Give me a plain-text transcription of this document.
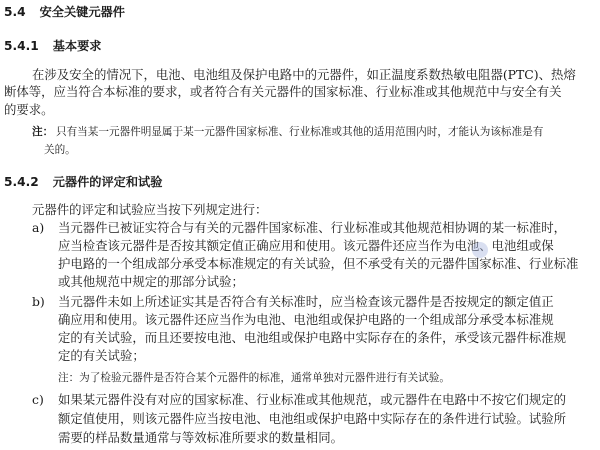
5.4 安全关键元器件
5.4.1 基本要求
在涉及安全的情况下，电池、电池组及保护电路中的元器件，如正温度系数热敏电阻器(PTC)、热熔
断体等，应当符合本标准的要求，或者符合有关元器件的国家标准、行业标准或其他规范中与安全有关
的要求。
注： 只有当某一元器件明显属于某一元器件国家标准、行业标准或其他的适用范围内时，才能认为该标准是有
关的。
5.4.2 元器件的评定和试验
元器件的评定和试验应当按下列规定进行：
a) 当元器件已被证实符合与有关的元器件国家标准、行业标准或其他规范相协调的某一标准时，
应当检查该元器件是否按其额定值正确应用和使用。该元器件还应当作为电池、电池组或保
护电路的一个组成部分承受本标准规定的有关试验，但不承受有关的元器件国家标准、行业标准
或其他规范中规定的那部分试验；
b) 当元器件未如上所述证实其是否符合有关标准时，应当检查该元器件是否按规定的额定值正
确应用和使用。该元器件还应当作为电池、电池组或保护电路的一个组成部分承受本标准规
定的有关试验，而且还要按电池、电池组或保护电路中实际存在的条件，承受该元器件标准规
定的有关试验；
注：为了检验元器件是否符合某个元器件的标准，通常单独对元器件进行有关试验。
c) 如果某元器件没有对应的国家标准、行业标准或其他规范，或元器件在电路中不按它们规定的
额定值使用，则该元器件应当按电池、电池组或保护电路中实际存在的条件进行试验。试验所
需要的样品数量通常与等效标准所要求的数量相同。
